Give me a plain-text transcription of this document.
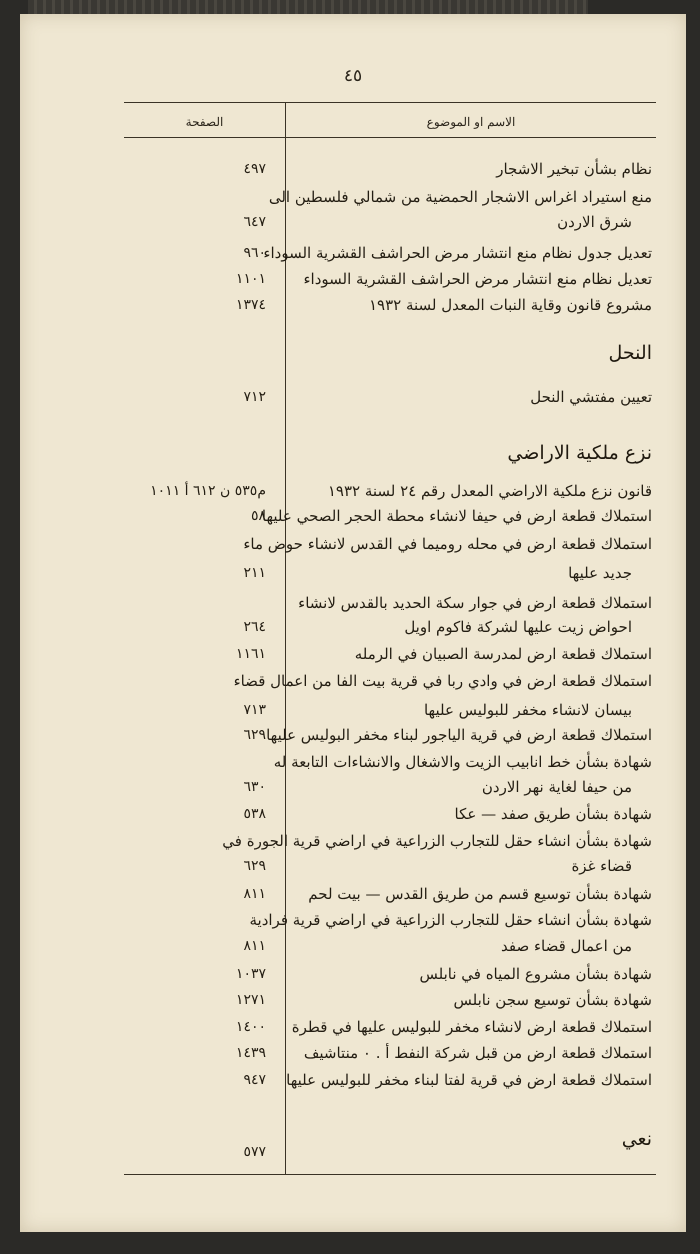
٤٥
الاسم او الموضوع
الصفحة
نظام بشأن تبخير الاشجار
٤٩٧
منع استيراد اغراس الاشجار الحمضية من شمالي فلسطين الى
شرق الاردن
٦٤٧
تعديل جدول نظام منع انتشار مرض الحراشف القشرية السوداء
٩٦٠
تعديل نظام منع انتشار مرض الحراشف القشرية السوداء
١١٠١
مشروع قانون وقاية النبات المعدل لسنة ١٩٣٢
١٣٧٤
النحل
تعيين مفتشي النحل
٧١٢
نزع ملكية الاراضي
قانون نزع ملكية الاراضي المعدل رقم ٢٤ لسنة ١٩٣٢
م٥٣٥ ن ٦١٢ أ ١٠١١
استملاك قطعة ارض في حيفا لانشاء محطة الحجر الصحي عليها
٥٨
استملاك قطعة ارض في محله روميما في القدس لانشاء حوض ماء
جديد عليها
٢١١
استملاك قطعة ارض في جوار سكة الحديد بالقدس لانشاء
احواض زيت عليها لشركة فاكوم اويل
٢٦٤
استملاك قطعة ارض لمدرسة الصبيان في الرمله
١١٦١
استملاك قطعة ارض في وادي ربا في قرية بيت الفا من اعمال قضاء
بيسان لانشاء مخفر للبوليس عليها
٧١٣
استملاك قطعة ارض في قرية الياجور لبناء مخفر البوليس عليها
٦٢٩
شهادة بشأن خط انابيب الزيت والاشغال والانشاءات التابعة له
من حيفا لغاية نهر الاردن
٦٣٠
شهادة بشأن طريق صفد — عكا
٥٣٨
شهادة بشأن انشاء حقل للتجارب الزراعية في اراضي قرية الجورة في
قضاء غزة
٦٢٩
شهادة بشأن توسيع قسم من طريق القدس — بيت لحم
٨١١
شهادة بشأن انشاء حقل للتجارب الزراعية في اراضي قرية فرادية
من اعمال قضاء صفد
٨١١
شهادة بشأن مشروع المياه في نابلس
١٠٣٧
شهادة بشأن توسيع سجن نابلس
١٢٧١
استملاك قطعة ارض لانشاء مخفر للبوليس عليها في قطرة
١٤٠٠
استملاك قطعة ارض من قبل شركة النفط أ . ٠ منتاشيف
١٤٣٩
استملاك قطعة ارض في قرية لفتا لبناء مخفر للبوليس عليها
٩٤٧
نعي
٥٧٧
